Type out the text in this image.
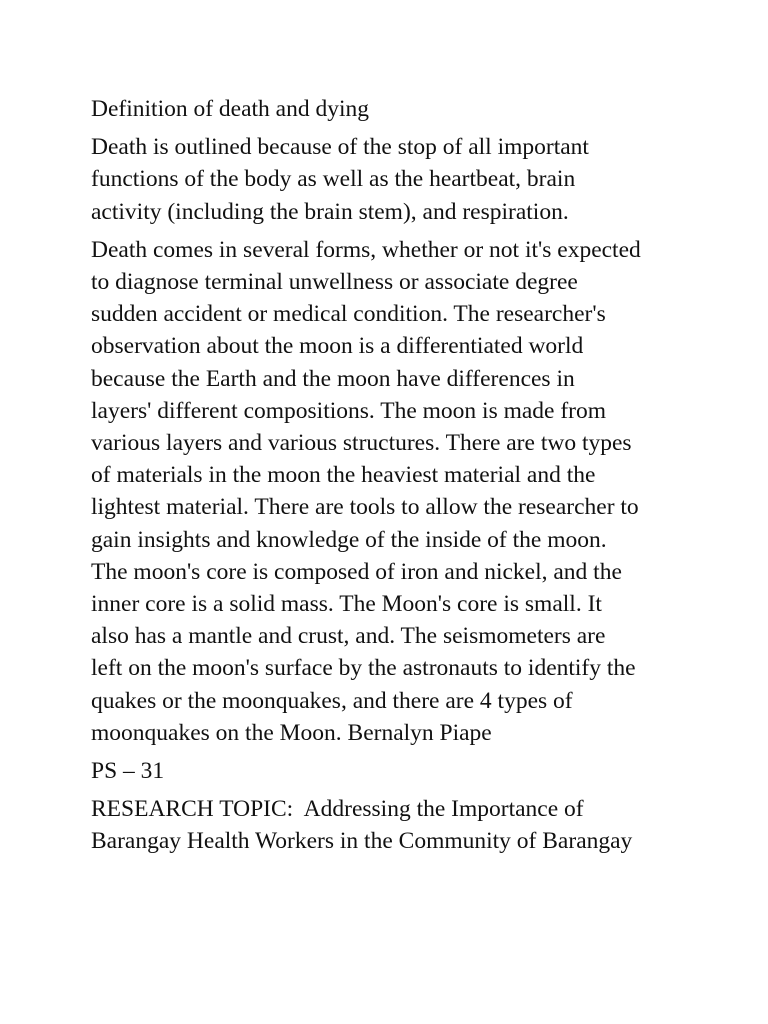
Definition of death and dying

Death is outlined because of the stop of all important
functions of the body as well as the heartbeat, brain
activity (including the brain stem), and respiration.

Death comes in several forms, whether or not it's expected
to diagnose terminal unwellness or associate degree
sudden accident or medical condition. The researcher's
observation about the moon is a differentiated world
because the Earth and the moon have differences in
layers' different compositions. The moon is made from
various layers and various structures. There are two types
of materials in the moon the heaviest material and the
lightest material. There are tools to allow the researcher to
gain insights and knowledge of the inside of the moon.
The moon's core is composed of iron and nickel, and the
inner core is a solid mass. The Moon's core is small. It
also has a mantle and crust, and. The seismometers are
left on the moon's surface by the astronauts to identify the
quakes or the moonquakes, and there are 4 types of
moonquakes on the Moon. Bernalyn Piape

PS – 31

RESEARCH TOPIC:  Addressing the Importance of
Barangay Health Workers in the Community of Barangay
